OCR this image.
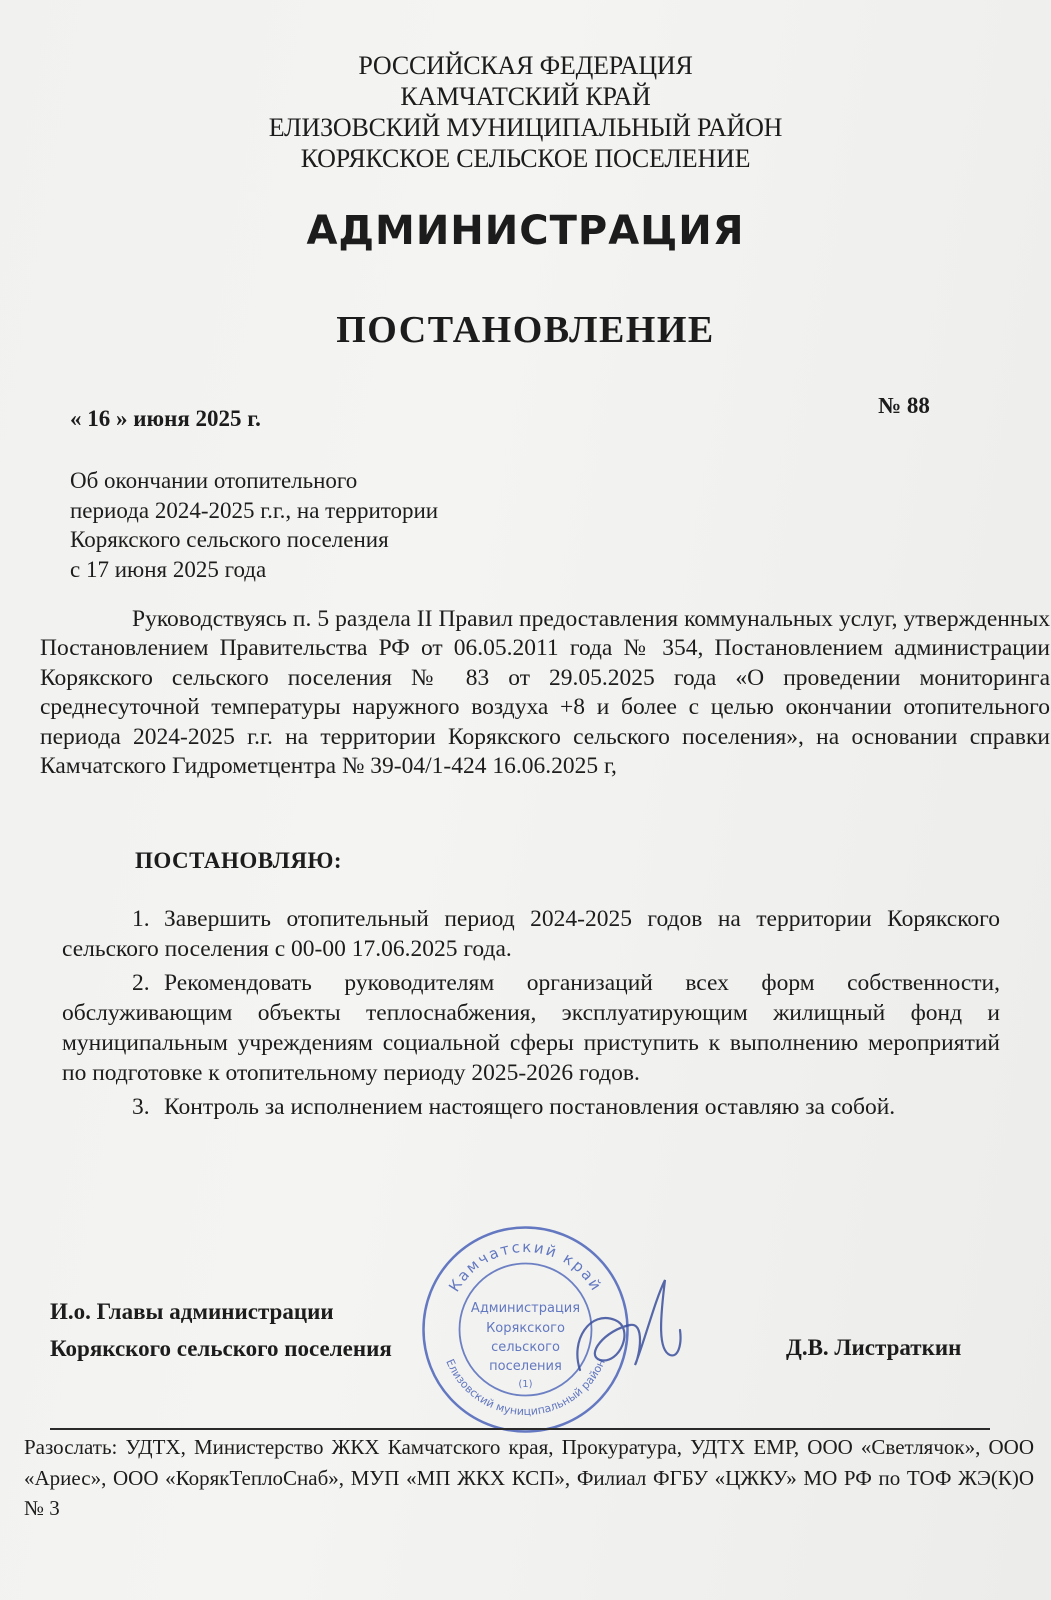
РОССИЙСКАЯ ФЕДЕРАЦИЯ
КАМЧАТСКИЙ КРАЙ
ЕЛИЗОВСКИЙ МУНИЦИПАЛЬНЫЙ РАЙОН
КОРЯКСКОЕ СЕЛЬСКОЕ ПОСЕЛЕНИЕ
АДМИНИСТРАЦИЯ
ПОСТАНОВЛЕНИЕ
« 16 » июня 2025 г.
№ 88
Об окончании отопительного
периода 2024-2025 г.г., на территории
Корякского сельского поселения
с 17 июня 2025 года
Руководствуясь п. 5 раздела II Правил предоставления коммунальных услуг, утвержденных Постановлением Правительства РФ от 06.05.2011 года № 354, Постановлением администрации Корякского сельского поселения № 83 от 29.05.2025 года «О проведении мониторинга среднесуточной температуры наружного воздуха +8 и более с целью окончании отопительного периода 2024-2025 г.г. на территории Корякского сельского поселения», на основании справки Камчатского Гидрометцентра № 39-04/1-424 16.06.2025 г,
ПОСТАНОВЛЯЮ:
1. Завершить отопительный период 2024-2025 годов на территории Корякского сельского поселения с 00-00 17.06.2025 года.
2. Рекомендовать руководителям организаций всех форм собственности, обслуживающим объекты теплоснабжения, эксплуатирующим жилищный фонд и муниципальным учреждениям социальной сферы приступить к выполнению мероприятий по подготовке к отопительному периоду 2025-2026 годов.
3. Контроль за исполнением настоящего постановления оставляю за собой.
И.о. Главы администрации
Корякского сельского поселения
Камчатский край
Елизовский муниципальный район
Администрация
Корякского
сельского
поселения
(1)
Д.В. Листраткин
Разослать: УДТХ, Министерство ЖКХ Камчатского края, Прокуратура, УДТХ ЕМР, ООО «Светлячок», ООО «Ариес», ООО «КорякТеплоСнаб», МУП «МП ЖКХ КСП», Филиал ФГБУ «ЦЖКУ» МО РФ по ТОФ ЖЭ(К)О № 3
